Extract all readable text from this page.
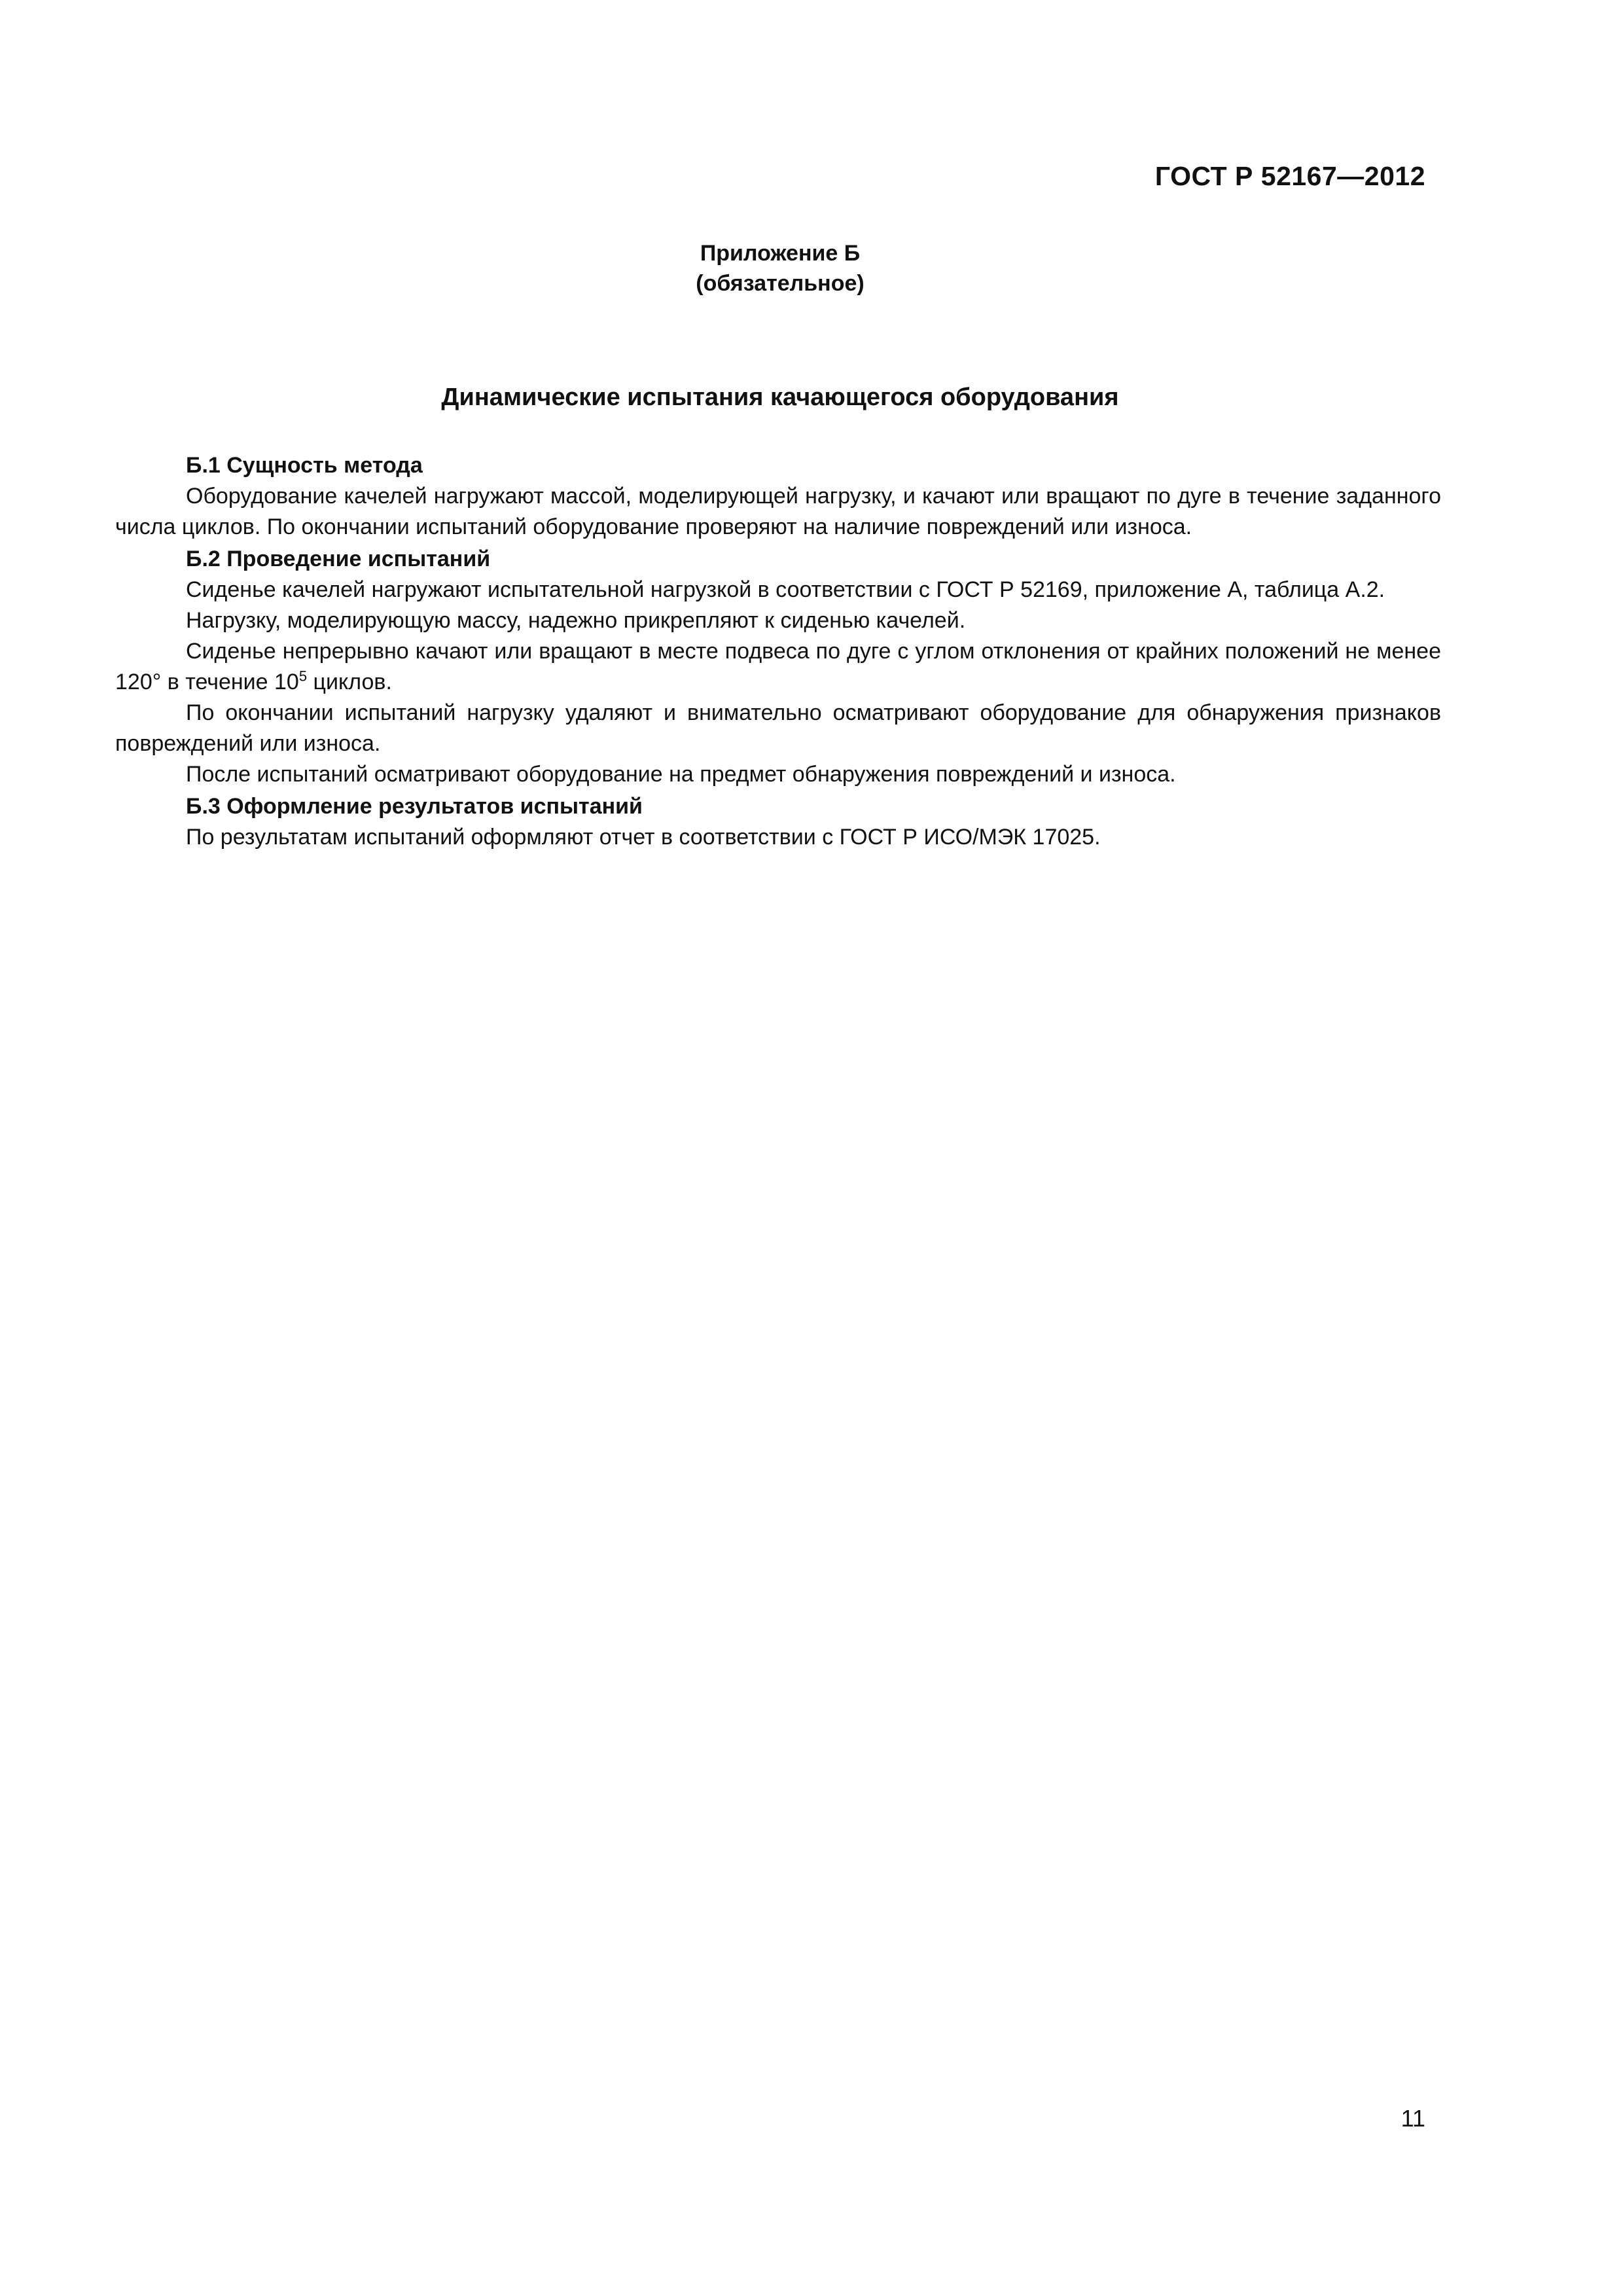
ГОСТ Р 52167—2012
Приложение Б
(обязательное)
Динамические испытания качающегося оборудования

Б.1 Сущность метода

Оборудование качелей нагружают массой, моделирующей нагрузку, и качают или вращают по дуге в течение заданного числа циклов. По окончании испытаний оборудование проверяют на наличие повреждений или износа.

Б.2 Проведение испытаний

Сиденье качелей нагружают испытательной нагрузкой в соответствии с ГОСТ Р 52169, приложение А, таблица А.2.

Нагрузку, моделирующую массу, надежно прикрепляют к сиденью качелей.

Сиденье непрерывно качают или вращают в месте подвеса по дуге с углом отклонения от крайних положений не менее 120° в течение $10^5$ циклов.

По окончании испытаний нагрузку удаляют и внимательно осматривают оборудование для обнаружения признаков повреждений или износа.

После испытаний осматривают оборудование на предмет обнаружения повреждений и износа.

Б.3 Оформление результатов испытаний

По результатам испытаний оформляют отчет в соответствии с ГОСТ Р ИСО/МЭК 17025.

11
